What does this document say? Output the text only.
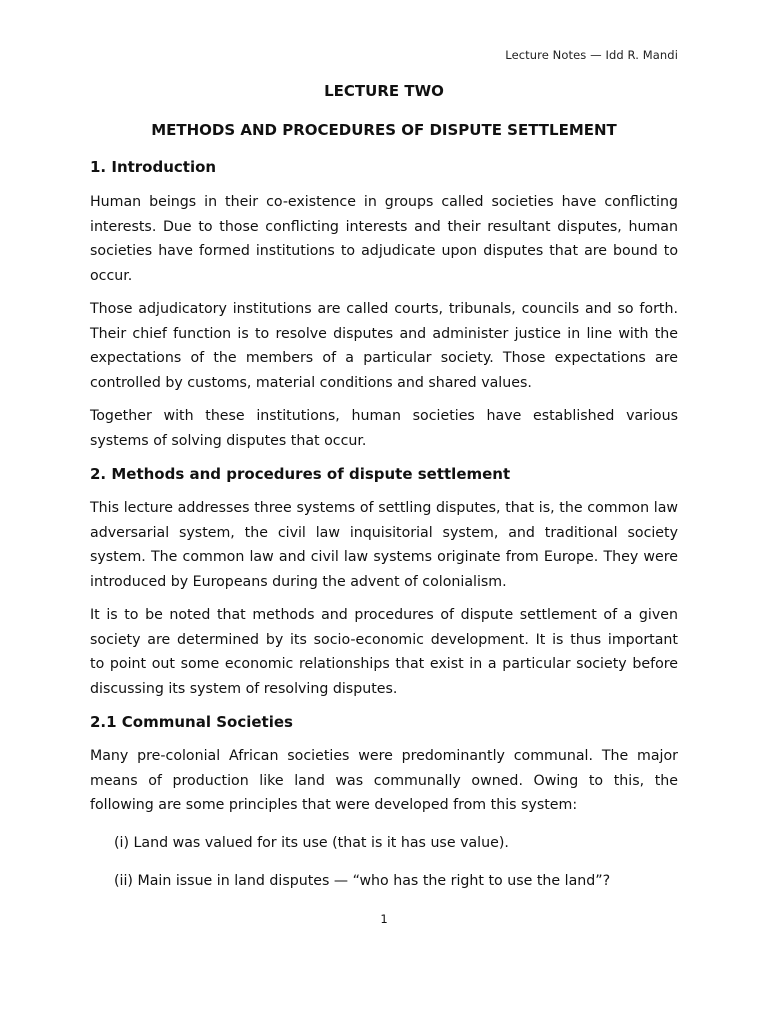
Lecture Notes — Idd R. Mandi
LECTURE TWO
METHODS AND PROCEDURES OF DISPUTE SETTLEMENT
1. Introduction

Human beings in their co-existence in groups called societies have conflicting
interests. Due to those conflicting interests and their resultant disputes, human
societies have formed institutions to adjudicate upon disputes that are bound to
occur.

Those adjudicatory institutions are called courts, tribunals, councils and so forth.
Their chief function is to resolve disputes and administer justice in line with the
expectations of the members of a particular society. Those expectations are
controlled by customs, material conditions and shared values.

Together with these institutions, human societies have established various
systems of solving disputes that occur.

2. Methods and procedures of dispute settlement

This lecture addresses three systems of settling disputes, that is, the common law
adversarial system, the civil law inquisitorial system, and traditional society
system. The common law and civil law systems originate from Europe. They were
introduced by Europeans during the advent of colonialism.

It is to be noted that methods and procedures of dispute settlement of a given
society are determined by its socio-economic development. It is thus important
to point out some economic relationships that exist in a particular society before
discussing its system of resolving disputes.

2.1 Communal Societies

Many pre-colonial African societies were predominantly communal. The major
means of production like land was communally owned. Owing to this, the
following are some principles that were developed from this system:

(i) Land was valued for its use (that is it has use value).
(ii) Main issue in land disputes — “who has the right to use the land”?
1
